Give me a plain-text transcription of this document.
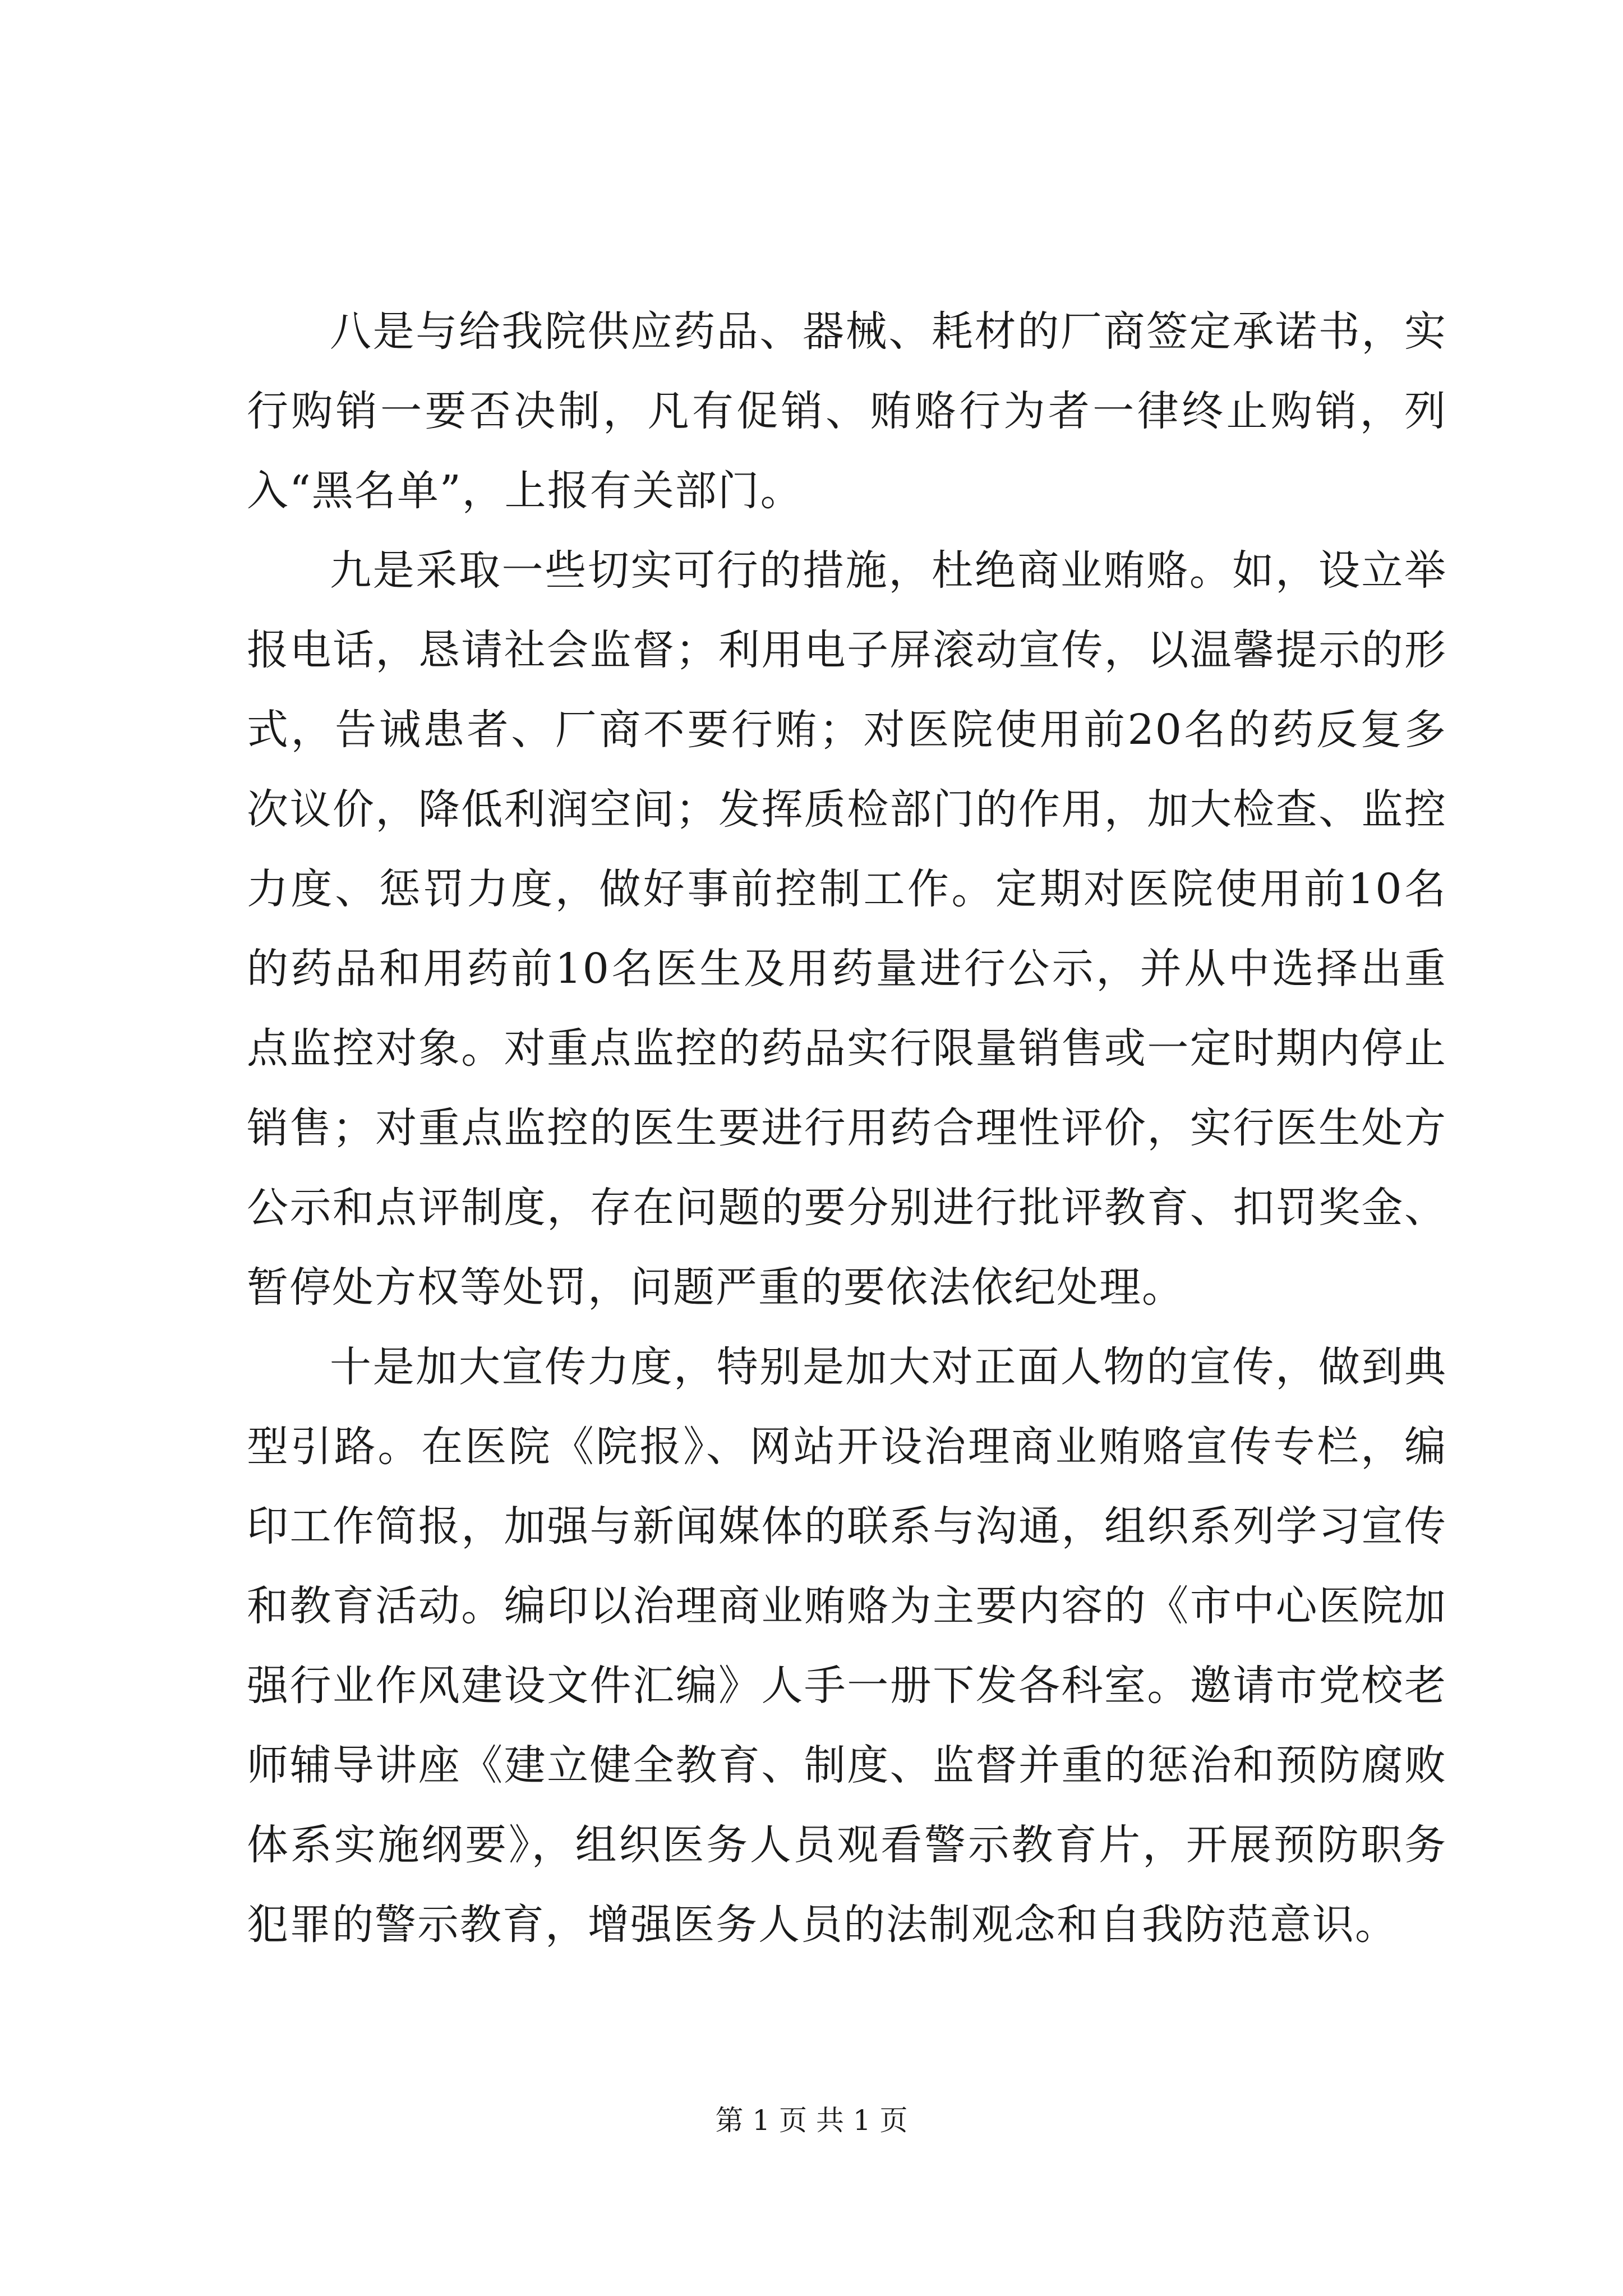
八是与给我院供应药品、器械、耗材的厂商签定承诺书，实行购销一要否决制，凡有促销、贿赂行为者一律终止购销，列入“黑名单”，上报有关部门。

九是采取一些切实可行的措施，杜绝商业贿赂。如，设立举报电话，恳请社会监督；利用电子屏滚动宣传，以温馨提示的形式，告诫患者、厂商不要行贿；对医院使用前20名的药反复多次议价，降低利润空间；发挥质检部门的作用，加大检查、监控力度、惩罚力度，做好事前控制工作。定期对医院使用前10名的药品和用药前10名医生及用药量进行公示，并从中选择出重点监控对象。对重点监控的药品实行限量销售或一定时期内停止销售；对重点监控的医生要进行用药合理性评价，实行医生处方公示和点评制度，存在问题的要分别进行批评教育、扣罚奖金、暂停处方权等处罚，问题严重的要依法依纪处理。

十是加大宣传力度，特别是加大对正面人物的宣传，做到典型引路。在医院《院报》、网站开设治理商业贿赂宣传专栏，编印工作简报，加强与新闻媒体的联系与沟通，组织系列学习宣传和教育活动。编印以治理商业贿赂为主要内容的《市中心医院加强行业作风建设文件汇编》人手一册下发各科室。邀请市党校老师辅导讲座《建立健全教育、制度、监督并重的惩治和预防腐败体系实施纲要》，组织医务人员观看警示教育片，开展预防职务犯罪的警示教育，增强医务人员的法制观念和自我防范意识。

第 1 页 共 1 页
